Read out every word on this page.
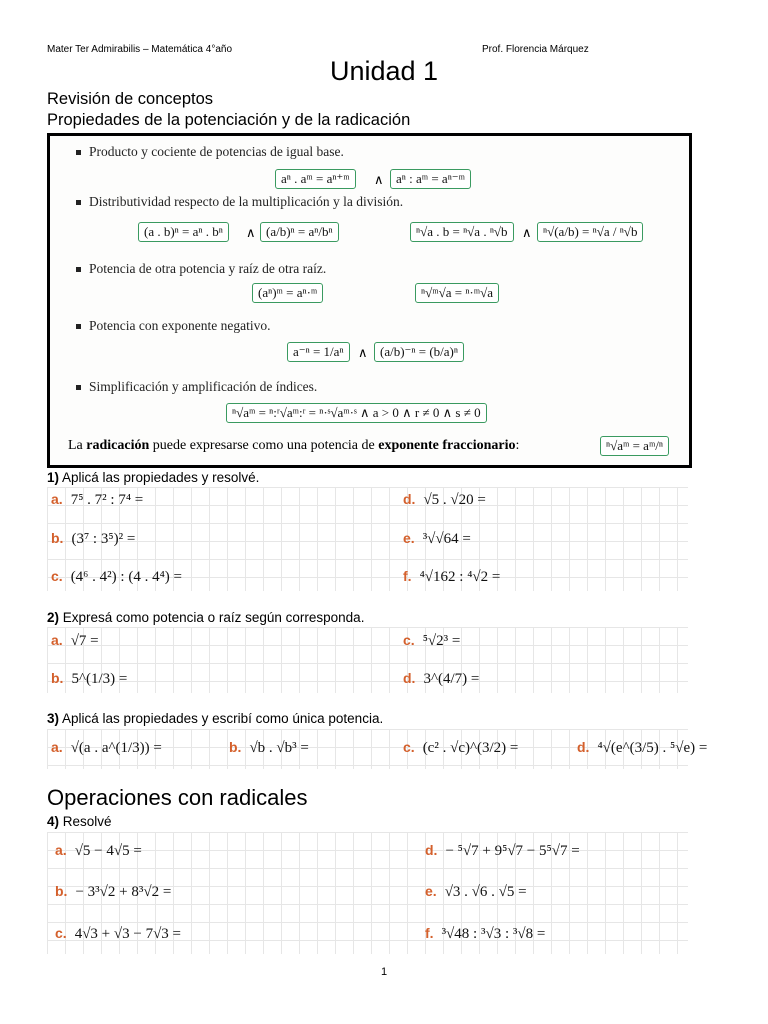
Mater Ter Admirabilis – Matemática 4°año	Prof. Florencia Márquez
Unidad 1
Revisión de conceptos
Propiedades de la potenciación y de la radicación
Producto y cociente de potencias de igual base.
aⁿ . aᵐ = aⁿ⁺ᵐ	∧ aⁿ : aᵐ = aⁿ⁻ᵐ
Distributividad respecto de la multiplicación y la división.
(a . b)ⁿ = aⁿ . bⁿ	∧ (a/b)ⁿ = aⁿ/bⁿ	ⁿ√a . b = ⁿ√a . ⁿ√b	∧ ⁿ√(a/b) = ⁿ√a / ⁿ√b
Potencia de otra potencia y raíz de otra raíz.
(aⁿ)ᵐ = aⁿ·ᵐ	ⁿ√ᵐ√a = ⁿ·ᵐ√a
Potencia con exponente negativo.
a⁻ⁿ = 1/aⁿ	∧ (a/b)⁻ⁿ = (b/a)ⁿ
Simplificación y amplificación de índices.
ⁿ√aᵐ = ⁿ:ʳ√aᵐ:ʳ = ⁿ·ˢ√aᵐ·ˢ ∧ a > 0 ∧ r ≠ 0 ∧ s ≠ 0
La radicación puede expresarse como una potencia de exponente fraccionario:	ⁿ√aᵐ = aᵐ/ⁿ
1) Aplicá las propiedades y resolvé.
a. 7⁵ . 7² : 7⁴ =	d. √5 . √20 =
b. (3⁷ : 3⁵)² =	e. ³√√64 =
c. (4⁶ . 4²) : (4 . 4⁴) =	f. ⁴√162 : ⁴√2 =
2) Expresá como potencia o raíz según corresponda.
a. √7 =	c. ⁵√2³ =
b. 5^(1/3) =	d. 3^(4/7) =
3) Aplicá las propiedades y escribí como única potencia.
a. √(a . a^(1/3)) =	b. √b . √b³ =	c. (c² . √c)^(3/2) =	d. ⁴√(e^(3/5) . ⁵√e) =
Operaciones con radicales
4) Resolvé
a. √5 − 4√5 =	d. − ⁵√7 + 9⁵√7 − 5⁵√7 =
b. − 3³√2 + 8³√2 =	e. √3 . √6 . √5 =
c. 4√3 + √3 − 7√3 =	f. ³√48 : ³√3 : ³√8 =
1
